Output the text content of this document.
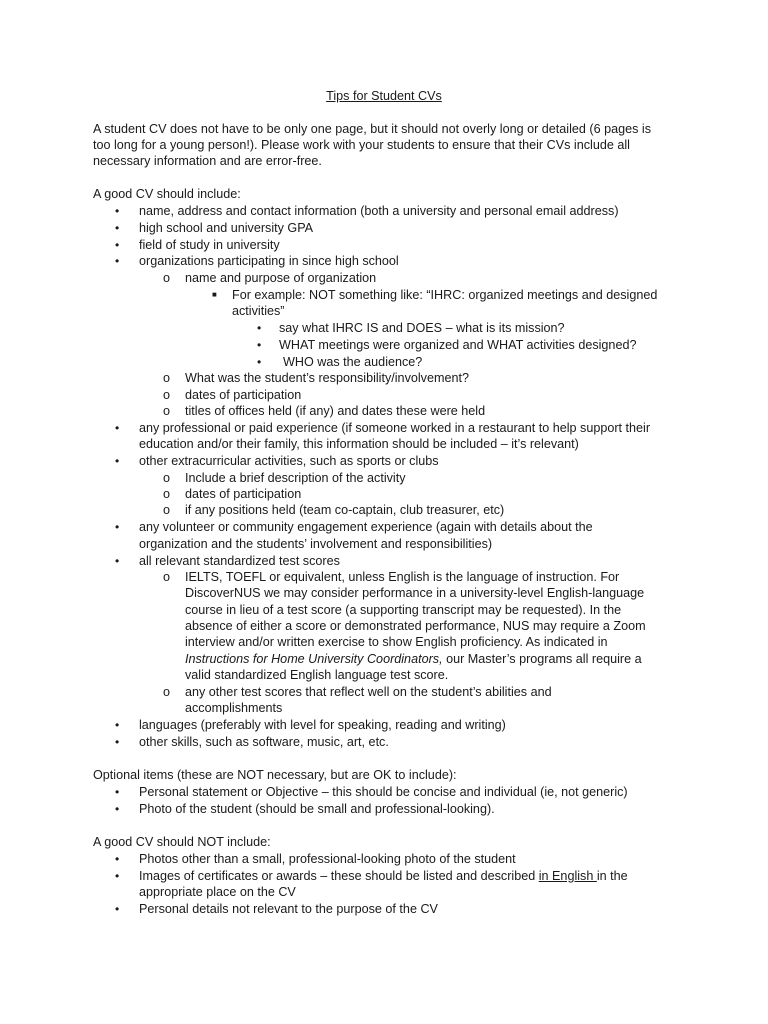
Tips for Student CVs
A student CV does not have to be only one page, but it should not overly long or detailed (6 pages is
too long for a young person!). Please work with your students to ensure that their CVs include all
necessary information and are error-free.
A good CV should include:
•	name, address and contact information (both a university and personal email address)
•	high school and university GPA
•	field of study in university
•	organizations participating in since high school
o	name and purpose of organization
■	For example: NOT something like: “IHRC: organized meetings and designed
activities”
•	say what IHRC IS and DOES – what is its mission?
•	WHAT meetings were organized and WHAT activities designed?
•	WHO was the audience?
o	What was the student’s responsibility/involvement?
o	dates of participation
o	titles of offices held (if any) and dates these were held
•	any professional or paid experience (if someone worked in a restaurant to help support their
education and/or their family, this information should be included – it’s relevant)
•	other extracurricular activities, such as sports or clubs
o	Include a brief description of the activity
o	dates of participation
o	if any positions held (team co-captain, club treasurer, etc)
•	any volunteer or community engagement experience (again with details about the
organization and the students’ involvement and responsibilities)
•	all relevant standardized test scores
o	IELTS, TOEFL or equivalent, unless English is the language of instruction. For
DiscoverNUS we may consider performance in a university-level English-language
course in lieu of a test score (a supporting transcript may be requested). In the
absence of either a score or demonstrated performance, NUS may require a Zoom
interview and/or written exercise to show English proficiency. As indicated in
Instructions for Home University Coordinators, our Master’s programs all require a
valid standardized English language test score.
o	any other test scores that reflect well on the student’s abilities and
accomplishments
•	languages (preferably with level for speaking, reading and writing)
•	other skills, such as software, music, art, etc.
Optional items (these are NOT necessary, but are OK to include):
•	Personal statement or Objective – this should be concise and individual (ie, not generic)
•	Photo of the student (should be small and professional-looking).
A good CV should NOT include:
•	Photos other than a small, professional-looking photo of the student
•	Images of certificates or awards – these should be listed and described in English in the
appropriate place on the CV
•	Personal details not relevant to the purpose of the CV
